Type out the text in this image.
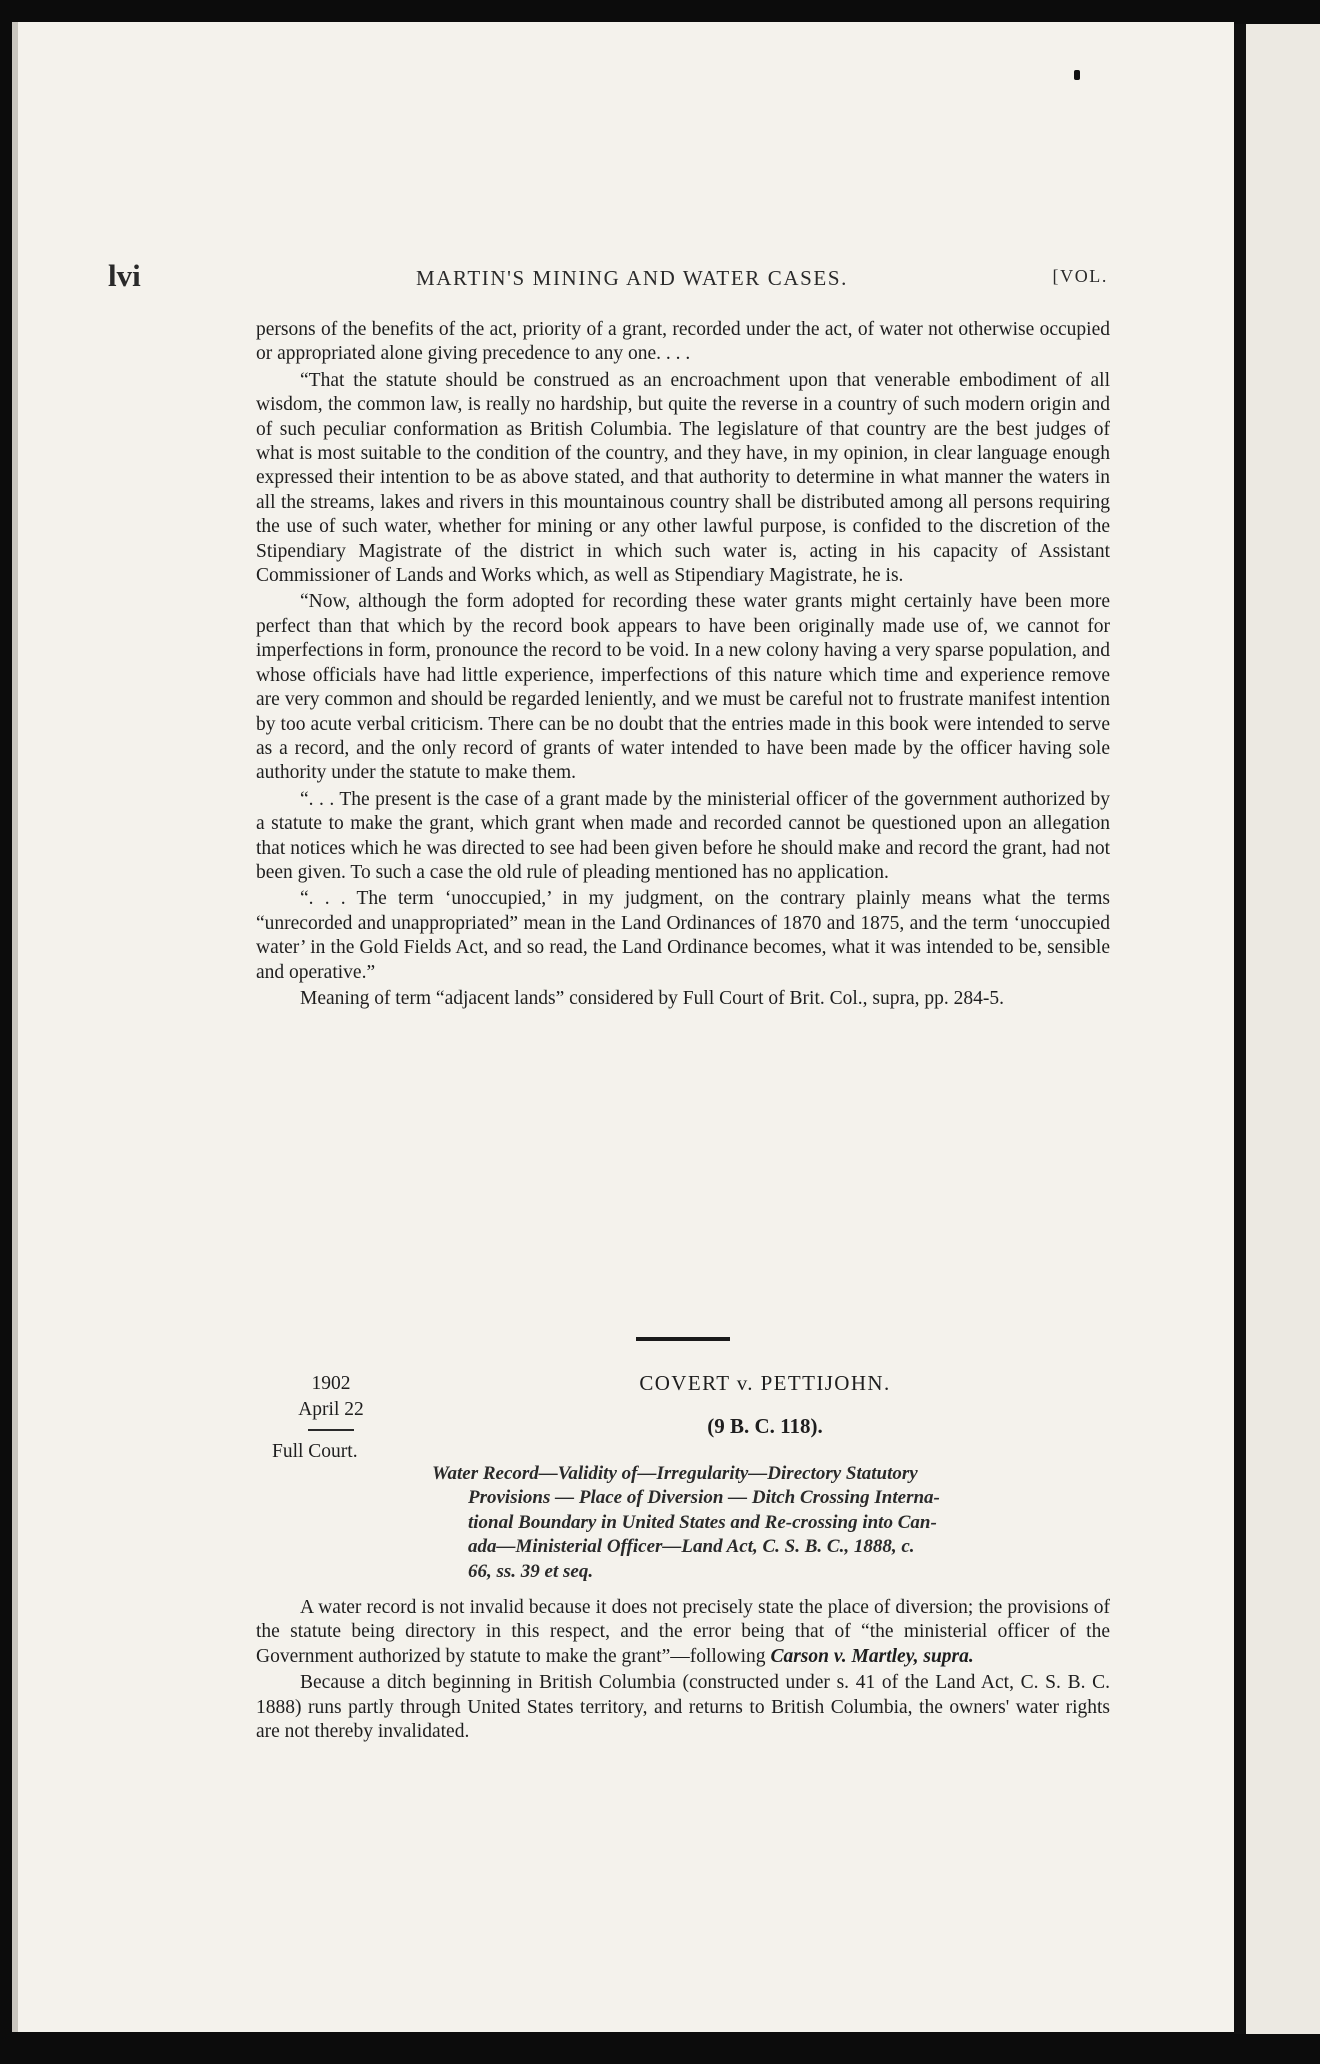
lvi	MARTIN'S MINING AND WATER CASES.	[VOL.

persons of the benefits of the act, priority of a grant, recorded under the act, of water not otherwise occupied or appropriated alone giving precedence to any one. . . .

“That the statute should be construed as an encroachment upon that venerable embodiment of all wisdom, the common law, is really no hardship, but quite the reverse in a country of such modern origin and of such peculiar conformation as British Columbia. The legislature of that country are the best judges of what is most suitable to the condition of the country, and they have, in my opinion, in clear language enough expressed their intention to be as above stated, and that authority to determine in what manner the waters in all the streams, lakes and rivers in this mountainous country shall be distributed among all persons requiring the use of such water, whether for mining or any other lawful purpose, is confided to the discretion of the Stipendiary Magistrate of the district in which such water is, acting in his capacity of Assistant Commissioner of Lands and Works which, as well as Stipendiary Magistrate, he is.

“Now, although the form adopted for recording these water grants might certainly have been more perfect than that which by the record book appears to have been originally made use of, we cannot for imperfections in form, pronounce the record to be void. In a new colony having a very sparse population, and whose officials have had little experience, imperfections of this nature which time and experience remove are very common and should be regarded leniently, and we must be careful not to frustrate manifest intention by too acute verbal criticism. There can be no doubt that the entries made in this book were intended to serve as a record, and the only record of grants of water intended to have been made by the officer having sole authority under the statute to make them.

“. . . The present is the case of a grant made by the ministerial officer of the government authorized by a statute to make the grant, which grant when made and recorded cannot be questioned upon an allegation that notices which he was directed to see had been given before he should make and record the grant, had not been given. To such a case the old rule of pleading mentioned has no application.

“. . . The term ‘unoccupied,’ in my judgment, on the contrary plainly means what the terms “unrecorded and unappropriated” mean in the Land Ordinances of 1870 and 1875, and the term ‘unoccupied water’ in the Gold Fields Act, and so read, the Land Ordinance becomes, what it was intended to be, sensible and operative.”

Meaning of term “adjacent lands” considered by Full Court of Brit. Col., supra, pp. 284-5.

1902
April 22
Full Court.
COVERT v. PETTIJOHN.
(9 B. C. 118).
Water Record—Validity of—Irregularity—Directory Statutory
Provisions — Place of Diversion — Ditch Crossing Interna-
tional Boundary in United States and Re-crossing into Can-
ada—Ministerial Officer—Land Act, C. S. B. C., 1888, c.
66, ss. 39 et seq.

A water record is not invalid because it does not precisely state the place of diversion; the provisions of the statute being directory in this respect, and the error being that of “the ministerial officer of the Government authorized by statute to make the grant”—following Carson v. Martley, supra.

Because a ditch beginning in British Columbia (constructed under s. 41 of the Land Act, C. S. B. C. 1888) runs partly through United States territory, and returns to British Columbia, the owners' water rights are not thereby invalidated.
